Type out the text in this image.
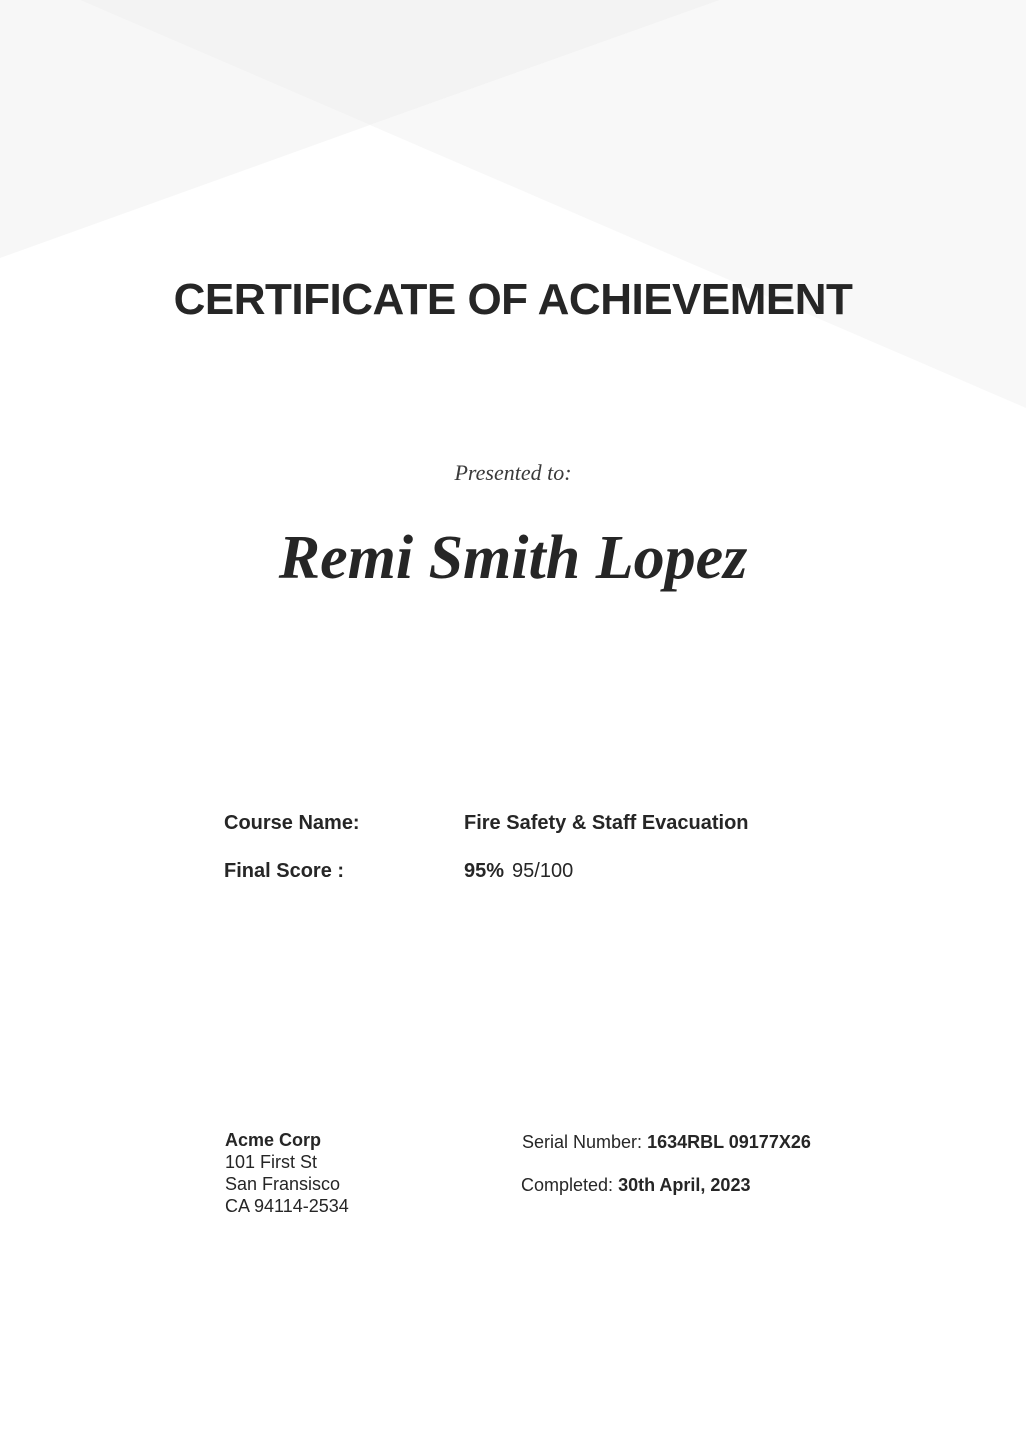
CERTIFICATE OF ACHIEVEMENT
Presented to:
Remi Smith Lopez
Course Name:	Fire Safety & Staff Evacuation
Final Score :	95% 95/100
Acme Corp
101 First St
San Fransisco
CA 94114-2534
Serial Number: 1634RBL 09177X26
Completed: 30th April, 2023
